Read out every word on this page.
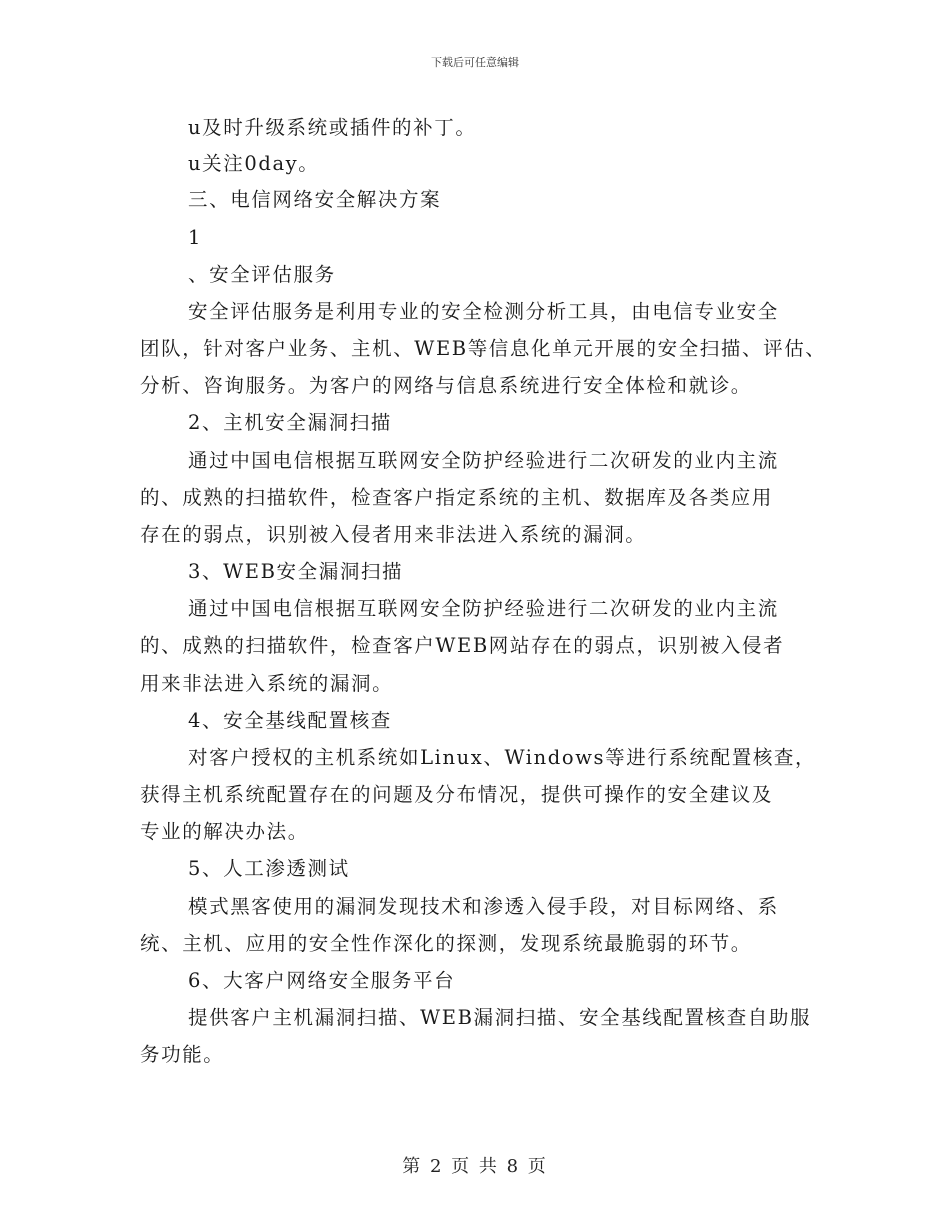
下载后可任意编辑
u及时升级系统或插件的补丁。
u关注0day。
三、电信网络安全解决方案
1
、安全评估服务
安全评估服务是利用专业的安全检测分析工具，由电信专业安全
团队，针对客户业务、主机、WEB等信息化单元开展的安全扫描、评估、
分析、咨询服务。为客户的网络与信息系统进行安全体检和就诊。
2、主机安全漏洞扫描
通过中国电信根据互联网安全防护经验进行二次研发的业内主流
的、成熟的扫描软件，检查客户指定系统的主机、数据库及各类应用
存在的弱点，识别被入侵者用来非法进入系统的漏洞。
3、WEB安全漏洞扫描
通过中国电信根据互联网安全防护经验进行二次研发的业内主流
的、成熟的扫描软件，检查客户WEB网站存在的弱点，识别被入侵者
用来非法进入系统的漏洞。
4、安全基线配置核查
对客户授权的主机系统如Linux、Windows等进行系统配置核查，
获得主机系统配置存在的问题及分布情况，提供可操作的安全建议及
专业的解决办法。
5、人工渗透测试
模式黑客使用的漏洞发现技术和渗透入侵手段，对目标网络、系
统、主机、应用的安全性作深化的探测，发现系统最脆弱的环节。
6、大客户网络安全服务平台
提供客户主机漏洞扫描、WEB漏洞扫描、安全基线配置核查自助服
务功能。
第 2 页 共 8 页
